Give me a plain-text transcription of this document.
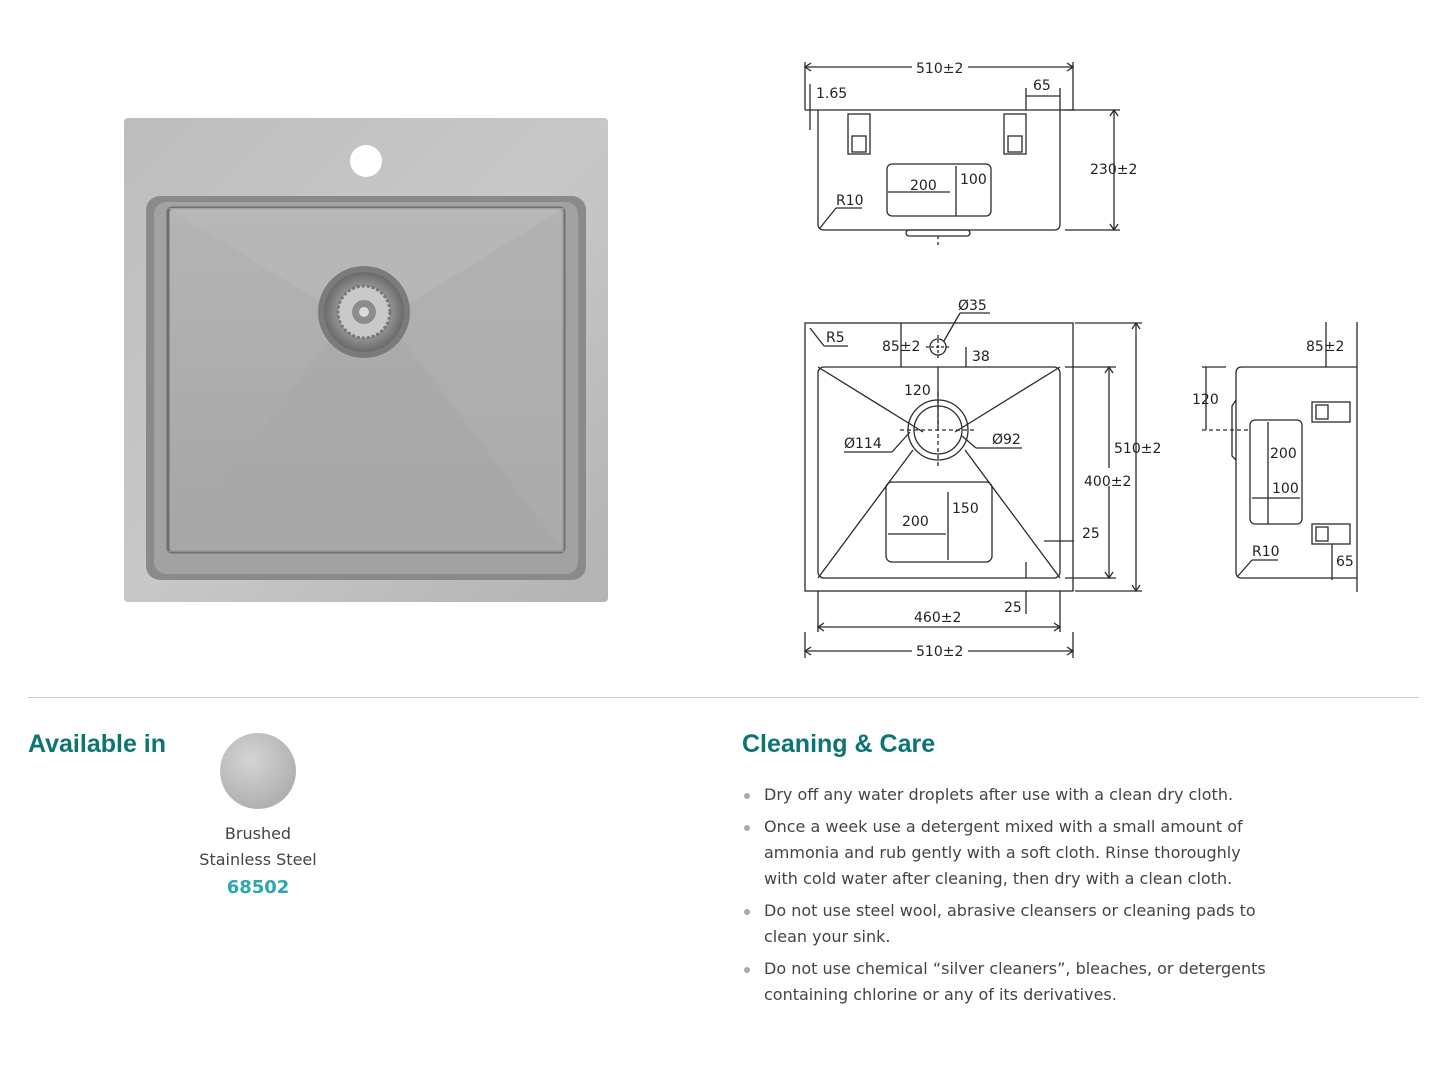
510±2
1.65	65
200 100
R10
230±2
Ø35
R5
85±2
38
120
Ø114	Ø92
200
150
25
25
400±2
510±2
460±2
510±2
200
100
120
85±2
65
R10
Available in
Brushed
Stainless Steel
68502
Cleaning & Care
Dry off any water droplets after use with a clean dry cloth.
Once a week use a detergent mixed with a small amount of ammonia and rub gently with a soft cloth. Rinse thoroughly with cold water after cleaning, then dry with a clean cloth.
Do not use steel wool, abrasive cleansers or cleaning pads to clean your sink.
Do not use chemical “silver cleaners”, bleaches, or detergents containing chlorine or any of its derivatives.
